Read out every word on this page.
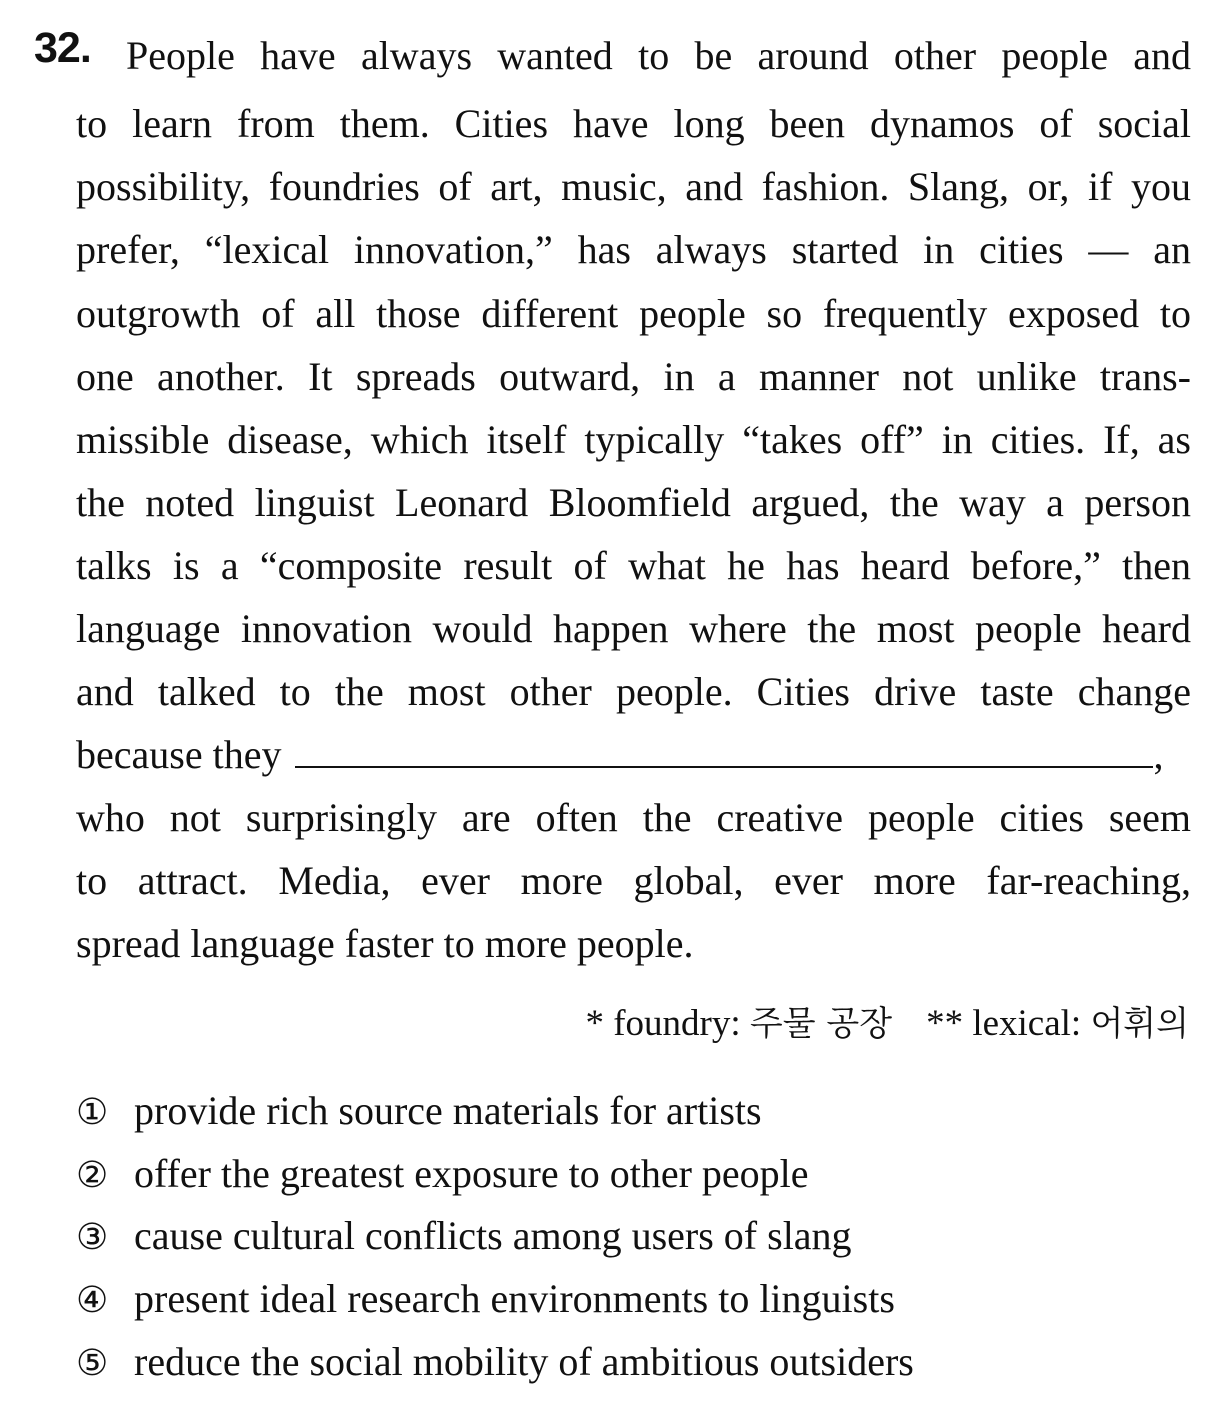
32. People have always wanted to be around other people and
to learn from them. Cities have long been dynamos of social
possibility, foundries of art, music, and fashion. Slang, or, if you
prefer, “lexical innovation,” has always started in cities — an
outgrowth of all those different people so frequently exposed to
one another. It spreads outward, in a manner not unlike trans-
missible disease, which itself typically “takes off” in cities. If, as
the noted linguist Leonard Bloomfield argued, the way a person
talks is a “composite result of what he has heard before,” then
language innovation would happen where the most people heard
and talked to the most other people. Cities drive taste change
because they	,
who not surprisingly are often the creative people cities seem
to attract. Media, ever more global, ever more far-reaching,
spread language faster to more people.
* foundry: 주물 공장 ** lexical: 어휘의
① provide rich source materials for artists
② offer the greatest exposure to other people
③ cause cultural conflicts among users of slang
④ present ideal research environments to linguists
⑤ reduce the social mobility of ambitious outsiders
